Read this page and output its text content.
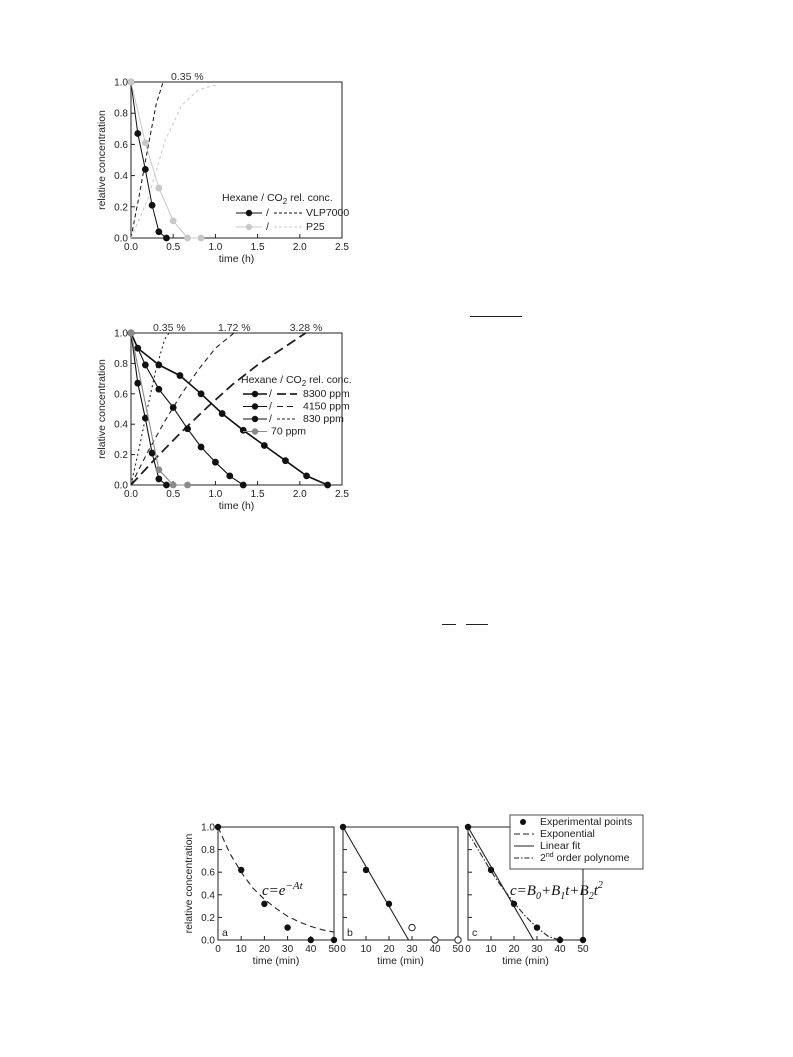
0.0	0.5	1.0	1.5	2.0	2.5
0.0
0.2
0.4
0.6
0.8
1.0
time (h)
relative concentration
0.35 %
Hexane / $CO_2$ rel. conc.
/	VLP7000
/	P25
0.0	0.5	1.0	1.5	2.0	2.5
0.0
0.2
0.4
0.6
0.8
1.0
time (h)
relative concentration
0.35 %	1.72 %	3.28 %
Hexane / $CO_2$ rel. conc.
/	8300 ppm
/	4150 ppm
/	830 ppm
70 ppm
0 10 20 30 40 50
0.0
0.2
0.4
0.6
0.8
1.0
time (min)
relative concentration	a
$c=e^{-At}$
0 10 20 30 40 50
time (min)
b
0 10 20 30 40 50
time (min)
c
$c=B_0+B_1t+B_2t^2$
Experimental points
Exponential
Linear fit
2nd order polynome
